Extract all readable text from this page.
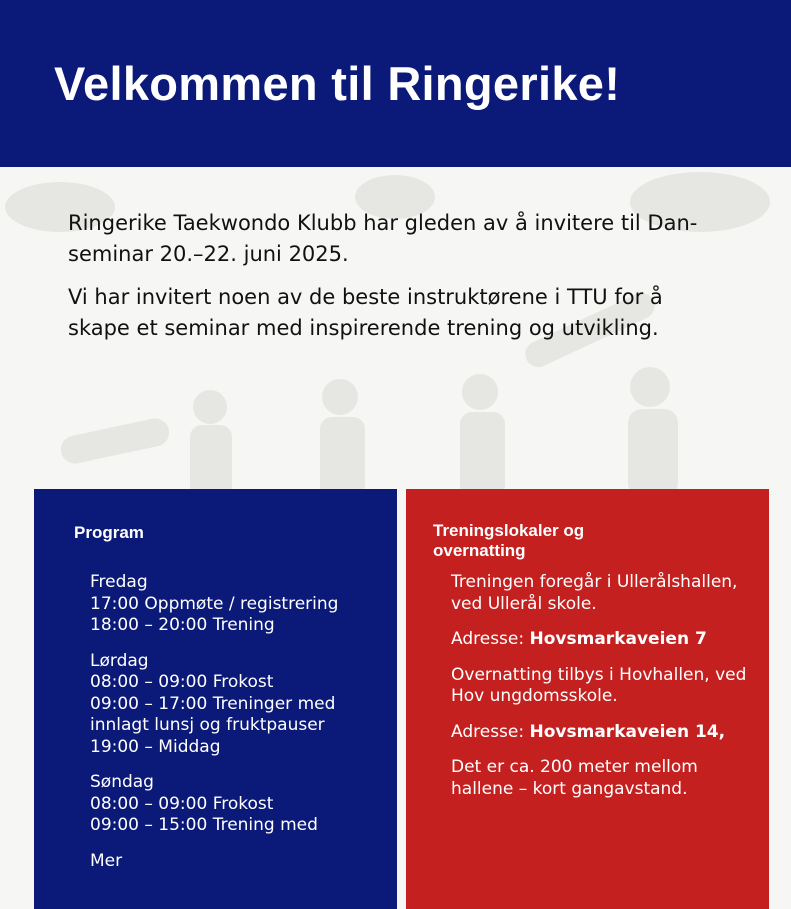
Velkommen til Ringerike!

Ringerike Taekwondo Klubb har gleden av å invitere til Dan-seminar 20.–22. juni 2025.

Vi har invitert noen av de beste instruktørene i TTU for å skape et seminar med inspirerende trening og utvikling.

Program
Fredag
17:00 Oppmøte / registrering
18:00 – 20:00 Trening
Lørdag
08:00 – 09:00 Frokost
09:00 – 17:00 Treninger med
innlagt lunsj og fruktpauser
19:00 – Middag
Søndag
08:00 – 09:00 Frokost
09:00 – 15:00 Trening med
Mer
Treningslokaler og overnatting

Treningen foregår i Ullerålshallen, ved Ullerål skole.

Adresse: Hovsmarkaveien 7

Overnatting tilbys i Hovhallen, ved Hov ungdomsskole.

Adresse: Hovsmarkaveien 14,

Det er ca. 200 meter mellom hallene – kort gangavstand.
